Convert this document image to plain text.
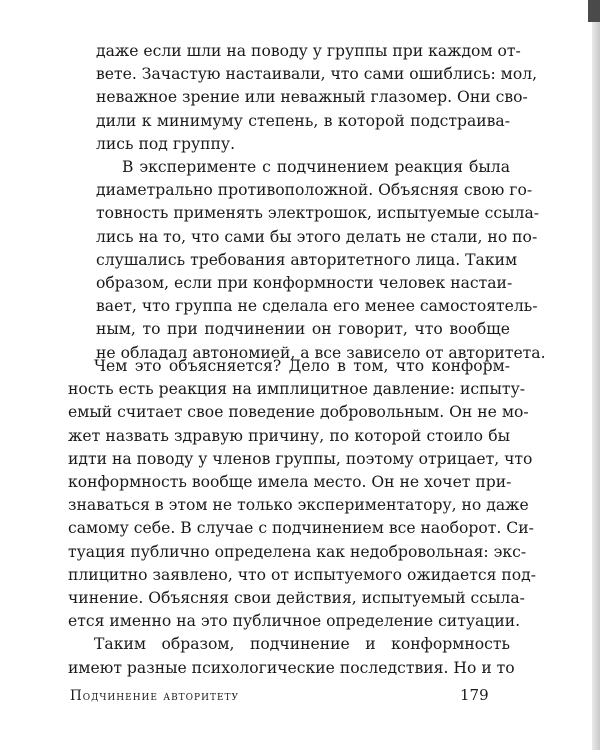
даже если шли на поводу у группы при каждом от-
вете. Зачастую настаивали, что сами ошиблись: мол,
неважное зрение или неважный глазомер. Они сво-
дили к минимуму степень, в которой подстраива-
лись под группу.
В эксперименте с подчинением реакция была
диаметрально противоположной. Объясняя свою го-
товность применять электрошок, испытуемые ссыла-
лись на то, что сами бы этого делать не стали, но по-
слушались требования авторитетного лица. Таким
образом, если при конформности человек настаи-
вает, что группа не сделала его менее самостоятель-
ным, то при подчинении он говорит, что вообще
не обладал автономией, а все зависело от авторитета.
Чем это объясняется? Дело в том, что конформ-
ность есть реакция на имплицитное давление: испыту-
емый считает свое поведение добровольным. Он не мо-
жет назвать здравую причину, по которой стоило бы
идти на поводу у членов группы, поэтому отрицает, что
конформность вообще имела место. Он не хочет при-
знаваться в этом не только экспериментатору, но даже
самому себе. В случае с подчинением все наоборот. Си-
туация публично определена как недобровольная: экс-
плицитно заявлено, что от испытуемого ожидается под-
чинение. Объясняя свои действия, испытуемый ссыла-
ется именно на это публичное определение ситуации.
Таким образом, подчинение и конформность
имеют разные психологические последствия. Но и то
Подчинение авторитету	179
